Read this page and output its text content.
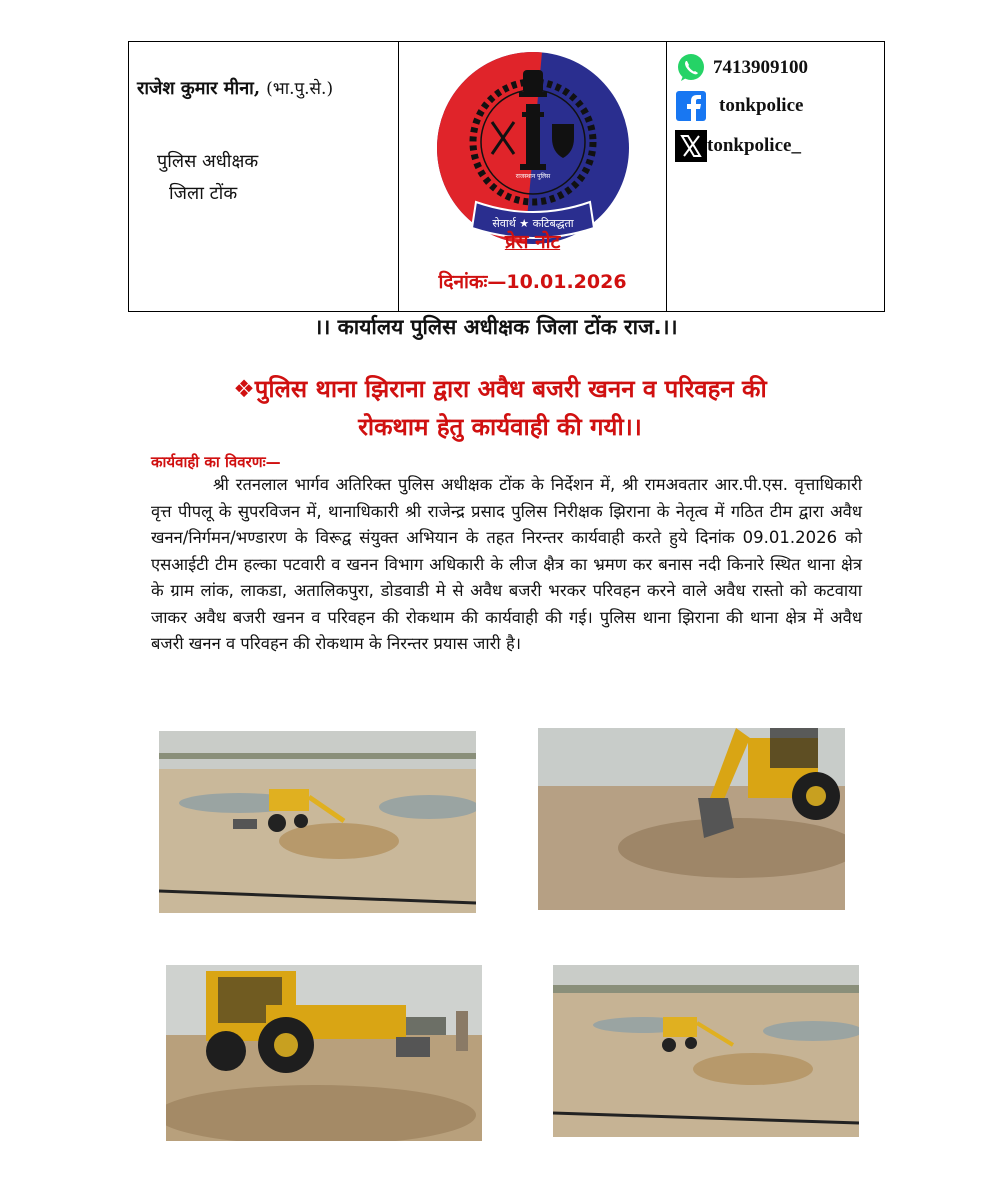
राजेश कुमार मीना, (भा.पु.से.)
पुलिस अधीक्षक
जिला टोंक
सेवार्थ ★ कटिबद्धता
राजस्थान पुलिस
प्रेस नोट
दिनांकः—10.01.2026
7413909100
tonkpolice
tonkpolice_
।। कार्यालय पुलिस अधीक्षक जिला टोंक राज.।।
❖पुलिस थाना झिराना द्वारा अवैध बजरी खनन व परिवहन की
रोकथाम हेतु कार्यवाही की गयी।।
कार्यवाही का विवरणः—
श्री रतनलाल भार्गव अतिरिक्त पुलिस अधीक्षक टोंक के निर्देशन में, श्री रामअवतार आर.पी.एस. वृत्ताधिकारी वृत्त पीपलू के सुपरविजन में, थानाधिकारी श्री राजेन्द्र प्रसाद पुलिस निरीक्षक झिराना के नेतृत्व में गठित टीम द्वारा अवैध खनन/निर्गमन/भण्डारण के विरूद्व संयुक्त अभियान के तहत निरन्तर कार्यवाही करते हुये दिनांक 09.01.2026 को एसआईटी टीम हल्का पटवारी व खनन विभाग अधिकारी के लीज क्षैत्र का भ्रमण कर बनास नदी किनारे स्थित थाना क्षेत्र के ग्राम लांक, लाकडा, अतालिकपुरा, डोडवाडी मे से अवैध बजरी भरकर परिवहन करने वाले अवैध रास्तो को कटवाया जाकर अवैध बजरी खनन व परिवहन की रोकथाम की कार्यवाही की गई। पुलिस थाना झिराना की थाना क्षेत्र में अवैध बजरी खनन व परिवहन की रोकथाम के निरन्तर प्रयास जारी है।
